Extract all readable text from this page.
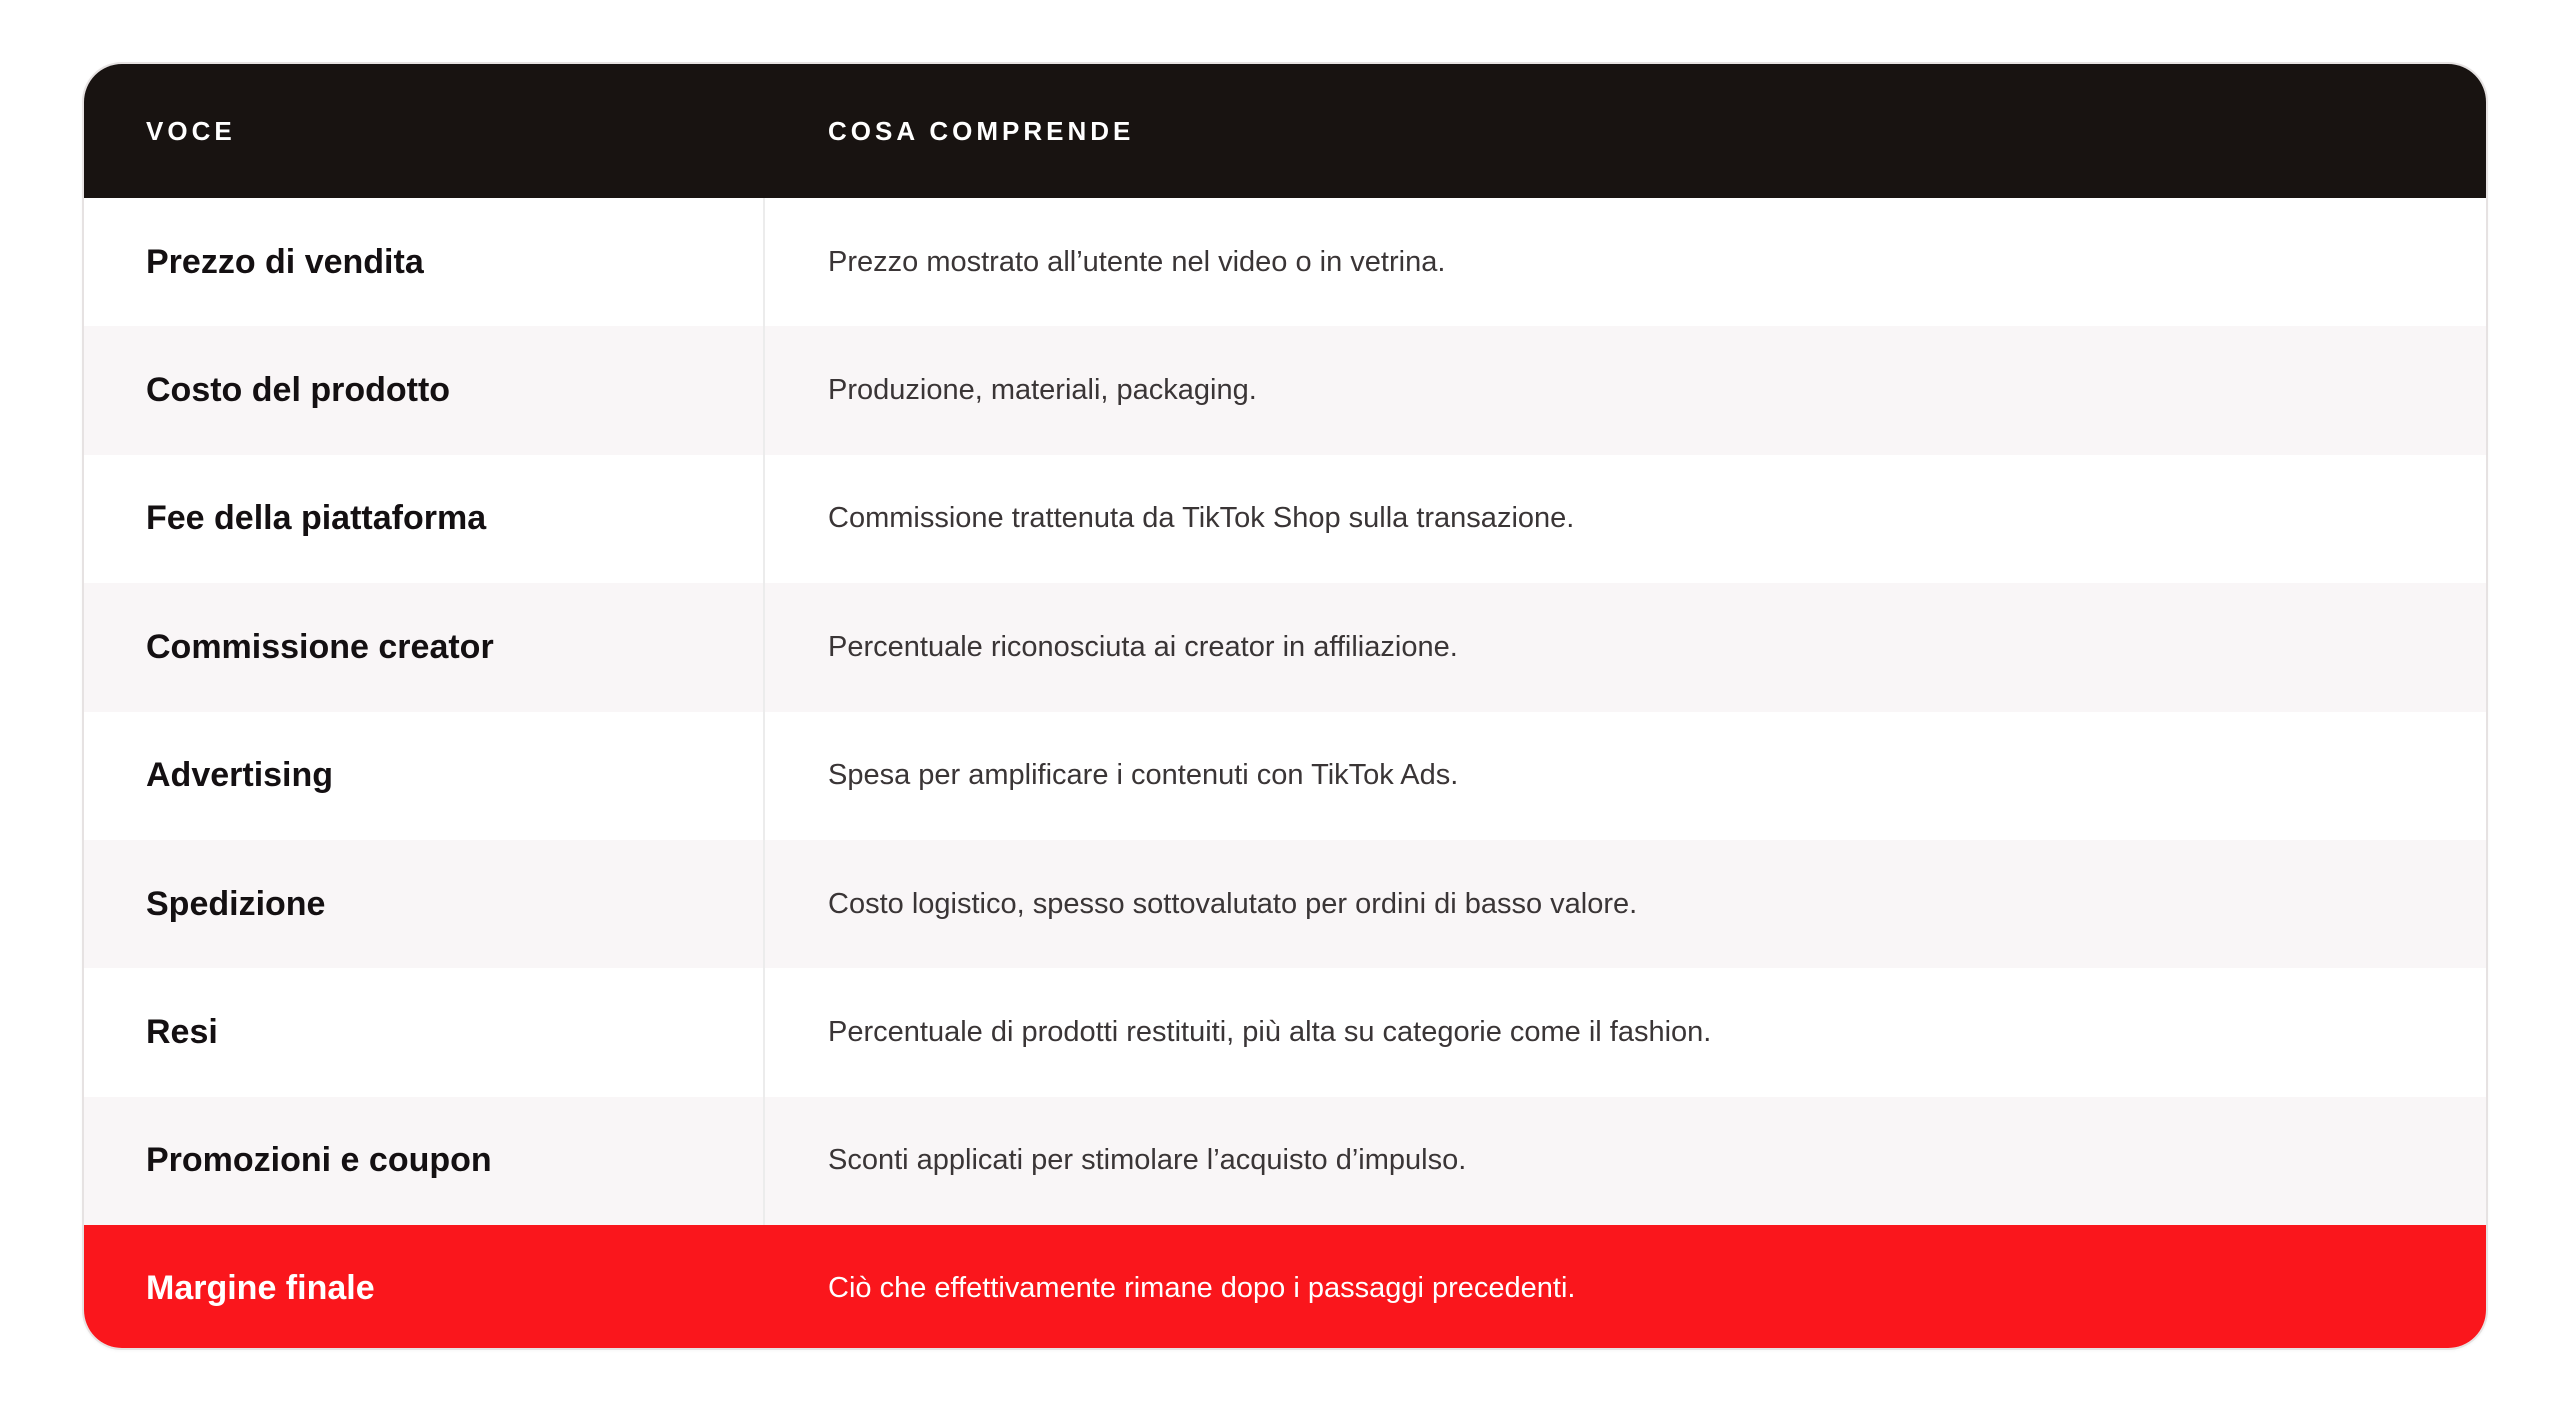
VOCE	COSA COMPRENDE
Prezzo di vendita	Prezzo mostrato all’utente nel video o in vetrina.
Costo del prodotto	Produzione, materiali, packaging.
Fee della piattaforma	Commissione trattenuta da TikTok Shop sulla transazione.
Commissione creator	Percentuale riconosciuta ai creator in affiliazione.
Advertising	Spesa per amplificare i contenuti con TikTok Ads.
Spedizione	Costo logistico, spesso sottovalutato per ordini di basso valore.
Resi	Percentuale di prodotti restituiti, più alta su categorie come il fashion.
Promozioni e coupon	Sconti applicati per stimolare l’acquisto d’impulso.
Margine finale	Ciò che effettivamente rimane dopo i passaggi precedenti.
